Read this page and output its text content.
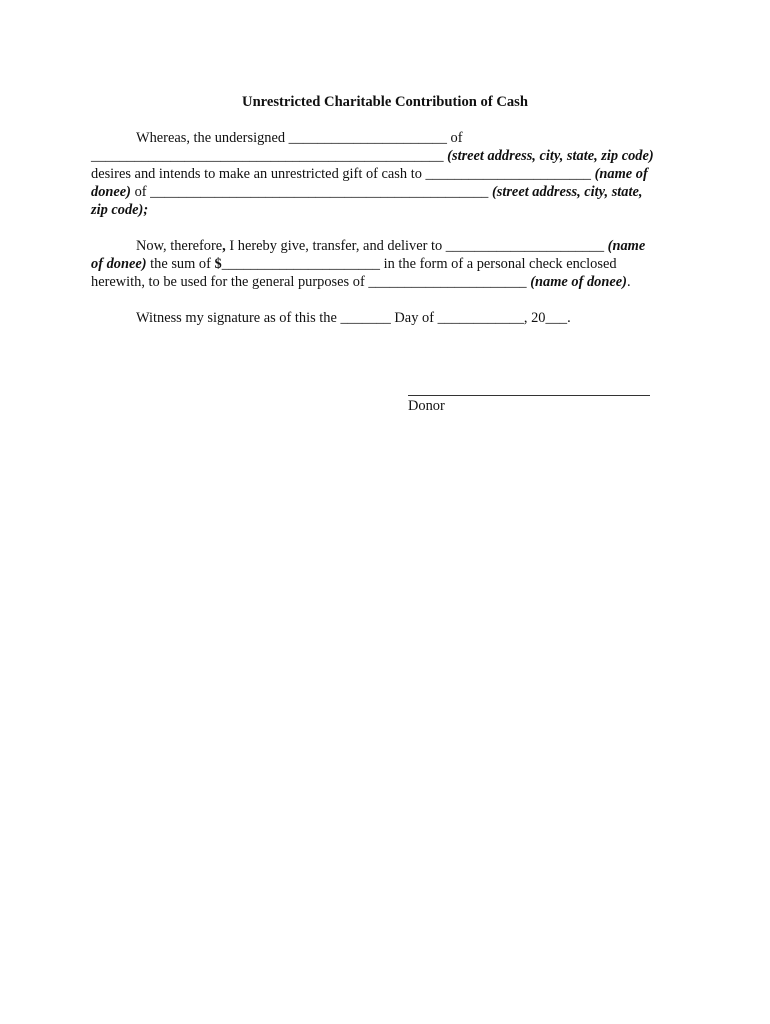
Unrestricted Charitable Contribution of Cash
Whereas, the undersigned ______________________ of
_________________________________________________ (street address, city, state, zip code)
desires and intends to make an unrestricted gift of cash to _______________________ (name of
donee) of _______________________________________________ (street address, city, state,
zip code);
Now, therefore, I hereby give, transfer, and deliver to ______________________ (name
of donee) the sum of $______________________ in the form of a personal check enclosed
herewith, to be used for the general purposes of ______________________ (name of donee).
Witness my signature as of this the _______ Day of ____________, 20___.
Donor
